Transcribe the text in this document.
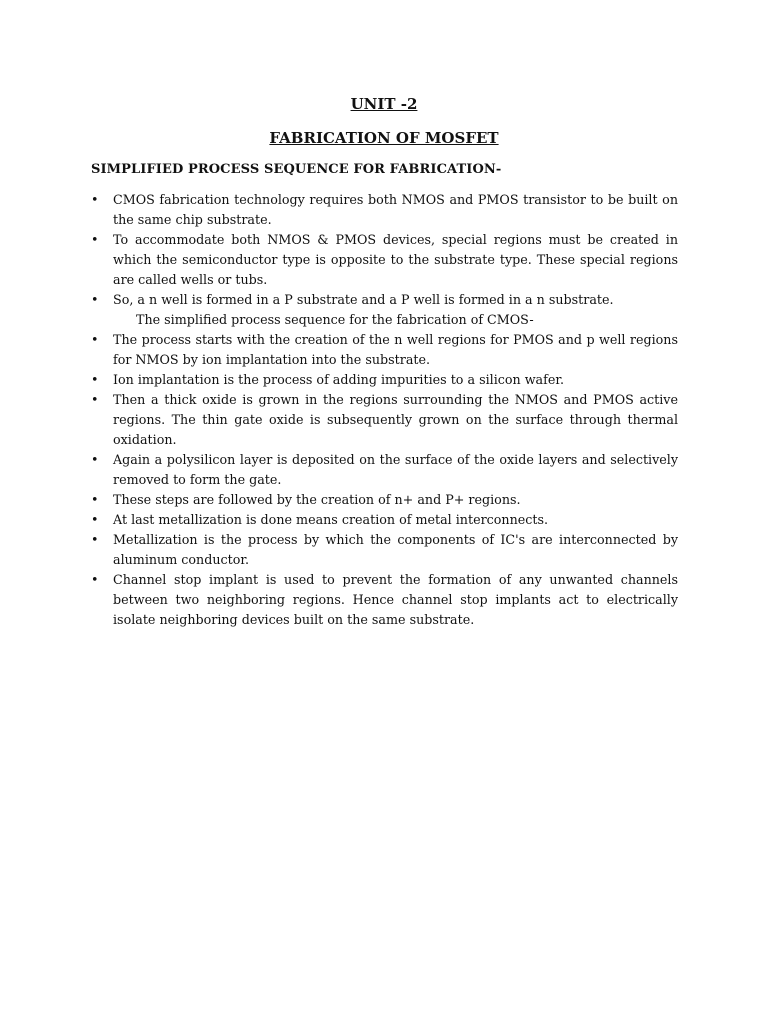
UNIT -2
FABRICATION OF MOSFET
SIMPLIFIED PROCESS SEQUENCE FOR FABRICATION-
•	CMOS fabrication technology requires both NMOS and PMOS transistor to be built on the same chip substrate.
•	To accommodate both NMOS & PMOS devices, special regions must be created in which the semiconductor type is opposite to the substrate type. These special regions are called wells or tubs.
•	So, a n well is formed in a P substrate and a P well is formed in a n substrate.
The simplified process sequence for the fabrication of CMOS-
•	The process starts with the creation of the n well regions for PMOS and p well regions for NMOS by ion implantation into the substrate.
•	Ion implantation is the process of adding impurities to a silicon wafer.
•	Then a thick oxide is grown in the regions surrounding the NMOS and PMOS active regions. The thin gate oxide is subsequently grown on the surface through thermal oxidation.
•	Again a polysilicon layer is deposited on the surface of the oxide layers and selectively removed to form the gate.
•	These steps are followed by the creation of n+ and P+ regions.
•	At last metallization is done means creation of metal interconnects.
•	Metallization is the process by which the components of IC's are interconnected by aluminum conductor.
•	Channel stop implant is used to prevent the formation of any unwanted channels between two neighboring regions. Hence channel stop implants act to electrically isolate neighboring devices built on the same substrate.
